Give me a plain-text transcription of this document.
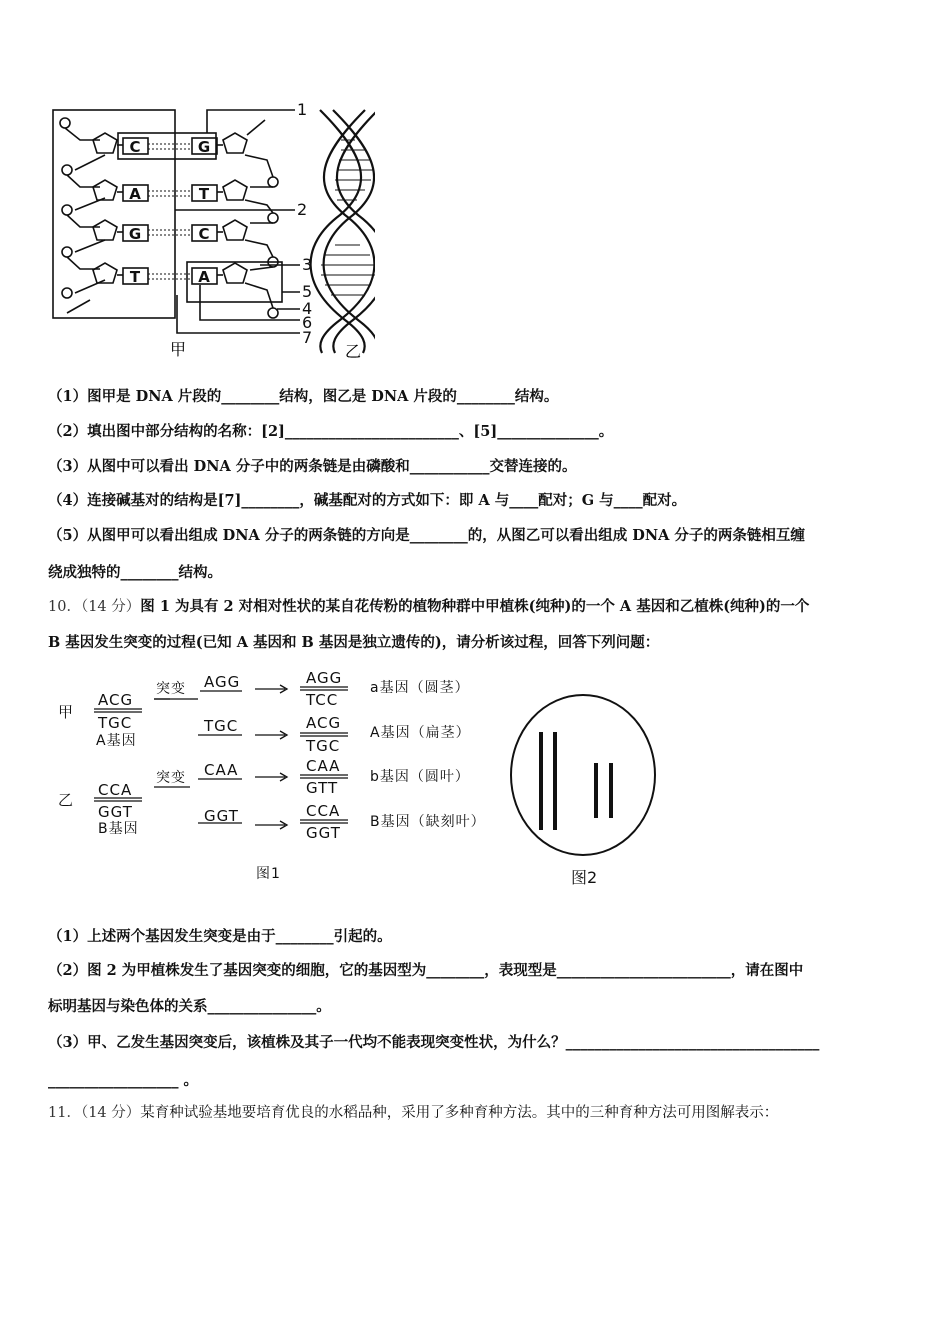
C
A
G
T
G
T
C
A
1
2
3
5
4
6
7
甲	乙
（1）图甲是 DNA 片段的________结构，图乙是 DNA 片段的________结构。
（2）填出图中部分结构的名称：[2]________________________、[5]______________。
（3）从图中可以看出 DNA 分子中的两条链是由磷酸和___________交替连接的。
（4）连接碱基对的结构是[7]________，碱基配对的方式如下：即 A 与____配对；G 与____配对。
（5）从图甲可以看出组成 DNA 分子的两条链的方向是________的，从图乙可以看出组成 DNA 分子的两条链相互缠
绕成独特的________结构。
10．（14 分）图 1 为具有 2 对相对性状的某自花传粉的植物种群中甲植株(纯种)的一个 A 基因和乙植株(纯种)的一个
B 基因发生突变的过程(已知 A 基因和 B 基因是独立遗传的)，请分析该过程，回答下列问题：
甲
乙
ACG
TGC
A基因
突变 AGG
TGC
AGG
TCC
a基因（圆茎）
ACG
TGC
A基因（扁茎）
CCA
GGT
B基因
突变 CAA
GGT
CAA
GTT
b基因（圆叶）
CCA
GGT
B基因（缺刻叶）
图1	图2
（1）上述两个基因发生突变是由于________引起的。
（2）图 2 为甲植株发生了基因突变的细胞，它的基因型为________，表现型是________________________，请在图中
标明基因与染色体的关系_______________。
（3）甲、乙发生基因突变后，该植株及其子一代均不能表现突变性状，为什么？___________________________________
__________________ 。
11．（14 分）某育种试验基地要培育优良的水稻品种，采用了多种育种方法。其中的三种育种方法可用图解表示：
